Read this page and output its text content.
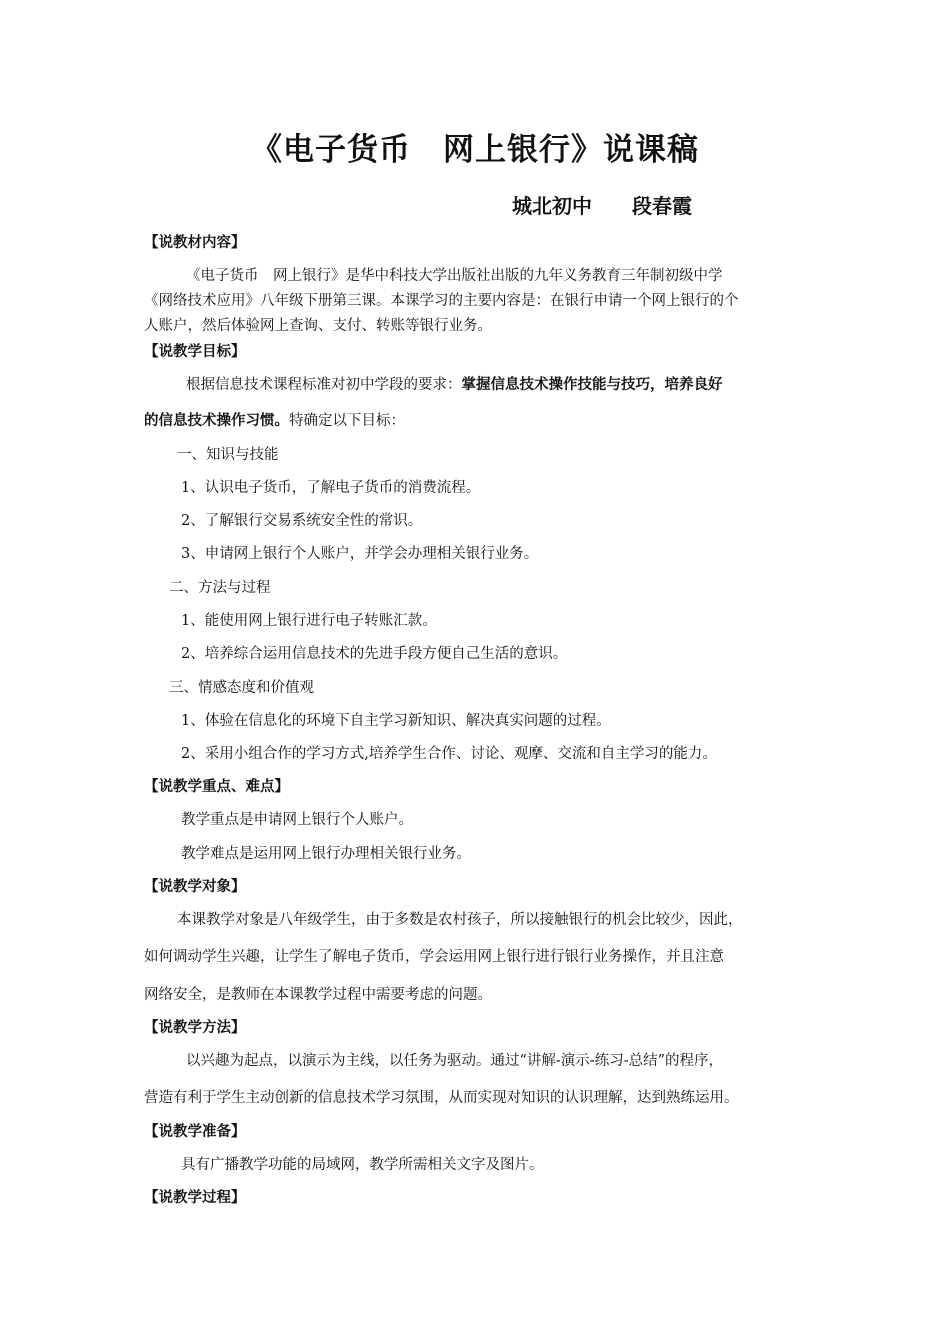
《电子货币　网上银行》说课稿
城北初中　　段春霞
【说教材内容】
《电子货币　网上银行》是华中科技大学出版社出版的九年义务教育三年制初级中学
《网络技术应用》八年级下册第三课。本课学习的主要内容是：在银行申请一个网上银行的个
人账户，然后体验网上查询、支付、转账等银行业务。
【说教学目标】
根据信息技术课程标准对初中学段的要求：掌握信息技术操作技能与技巧，培养良好
的信息技术操作习惯。特确定以下目标：
一、知识与技能
1、认识电子货币，了解电子货币的消费流程。
2、了解银行交易系统安全性的常识。
3、申请网上银行个人账户，并学会办理相关银行业务。
二、方法与过程
1、能使用网上银行进行电子转账汇款。
2、培养综合运用信息技术的先进手段方便自己生活的意识。
三、情感态度和价值观
1、体验在信息化的环境下自主学习新知识、解决真实问题的过程。
2、采用小组合作的学习方式,培养学生合作、讨论、观摩、交流和自主学习的能力。
【说教学重点、难点】
教学重点是申请网上银行个人账户。
教学难点是运用网上银行办理相关银行业务。
【说教学对象】
本课教学对象是八年级学生，由于多数是农村孩子，所以接触银行的机会比较少，因此，
如何调动学生兴趣，让学生了解电子货币，学会运用网上银行进行银行业务操作，并且注意
网络安全，是教师在本课教学过程中需要考虑的问题。
【说教学方法】
以兴趣为起点，以演示为主线，以任务为驱动。通过“讲解-演示-练习-总结”的程序，
营造有利于学生主动创新的信息技术学习氛围，从而实现对知识的认识理解，达到熟练运用。
【说教学准备】
具有广播教学功能的局域网，教学所需相关文字及图片。
【说教学过程】
